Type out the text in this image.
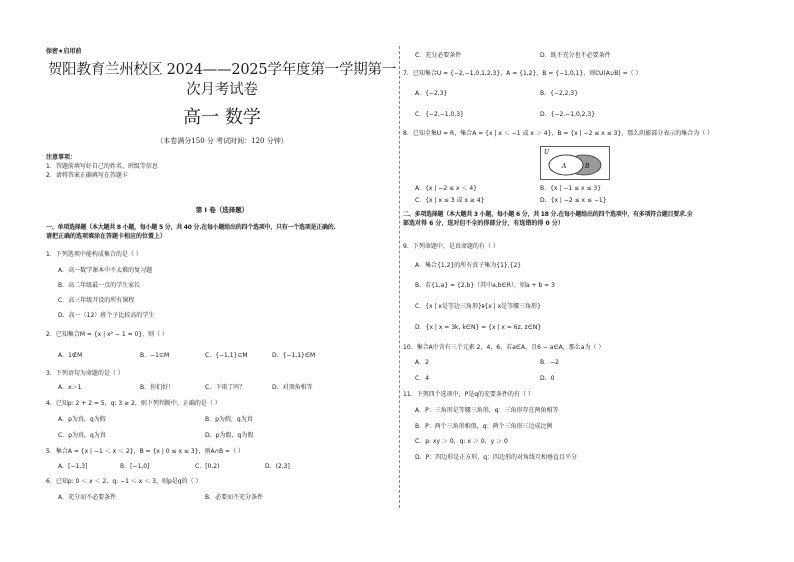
保密★启用前
贺阳教育兰州校区 2024——2025学年度第一学期第一
次月考试卷
高一 数学
（本卷满分150 分 考试时间：120 分钟）
注意事项：
1．答题前填写好自己的姓名、班级等信息
2．请将答案正确填写在答题卡
第 I 卷（选择题）
一、单项选择题（本大题共 8 小题，每小题 5 分，共 40 分.在每小题给出的四个选项中，只有一个选项是正确的.
请把正确的选项填涂在答题卡相应的位置上）
1．下列选项中能构成集合的是（ ）
A．高一数学课本中不太难的复习题
B．高二年级最一点的学生家长
C．高三年级开设的所有课程
D．高一（12）班个子比较高的学生
2．已知集合M = {x | x² − 1 = 0}，则（ ）
A．1∉M	B．−1⊆M	C．{−1,1}⊆M	D．{−1,1}∈M
3．下列语句为命题的是（ ）
A．x＞1	B．你们好！	C．下雨了吗？	D．对顶角相等
4．已知p: 2 + 2 = 5，q: 3 ≥ 2，则下列判断中，正确的是（ ）
A．p为真，q为假	B．p为假，q为真
C．p为真，q为真	D．p为假，q为假
5．集合A = {x | −1 ＜ x ＜ 2}，B = {x | 0 ≤ x ≤ 3}，则A∩B =（ ）
A．[−1,3]	B．[−1,0]	C．[0,2)	D．(2,3]
6．已知p: 0 ＜ x ＜ 2，q: −1 ＜ x ＜ 3，则p是q的（ ）
A．充分而不必要条件	B．必要而不充分条件
C．充分必要条件	D．既不充分也不必要条件
7．已知集合U = {−2,−1,0,1,2,3}，A = {1,2}，B = {−1,0,1}，则∁U(A∪B) =（ ）
A．{−2,3}	B．{−2,2,3}
C．{−2,−1,0,3}	D．{−2,−1,0,2,3}
8．已知全集U = R，集合A = {x | x ＜ −1 或 x ＞ 4}，B = {x | −2 ≤ x ≤ 3}，那么阴影部分表示的集合为（ ）
U
A	B
A．{x | −2 ≤ x ＜ 4}	B．{x | −1 ≤ x ≤ 3}
C．{x | x ≤ 3 或 x ≥ 4}	D．{x | −2 ≤ x ≤ −1}
二、多项选择题（本大题共 3 小题，每小题 6 分，共 18 分.在每小题给出的四个选项中，有多项符合题目要求.全
部选对得 6 分，选对但不全的得部分分，有选错的得 0 分）
9．下列命题中，是真命题的有（ ）
A．集合{1,2}的所有真子集为{1},{2}
B．若{1,a} = {2,b}（其中a,b∈R），则a + b = 3
C．{x | x是等边三角形}⫋{x | x是等腰三角形}
D．{x | x = 3k, k∈N} = {x | x = 6z, z∈N}
10．集合A中含有三个元素 2，4，6，若a∈A，且6 − a∈A，那么a为（ ）
A．2	B．−2
C．4	D．0
11．下列四个选项中，P是q的充要条件的有（ ）
A．P：三角形是等腰三角形，q：三角形存在两角相等
B．P：两个三角形相似，q：两个三角形三边成比例
C．p: xy ＞ 0，q: x ＞ 0，y ＞ 0
D．P：四边形是正方形，q：四边形的对角线互相垂直且平分
